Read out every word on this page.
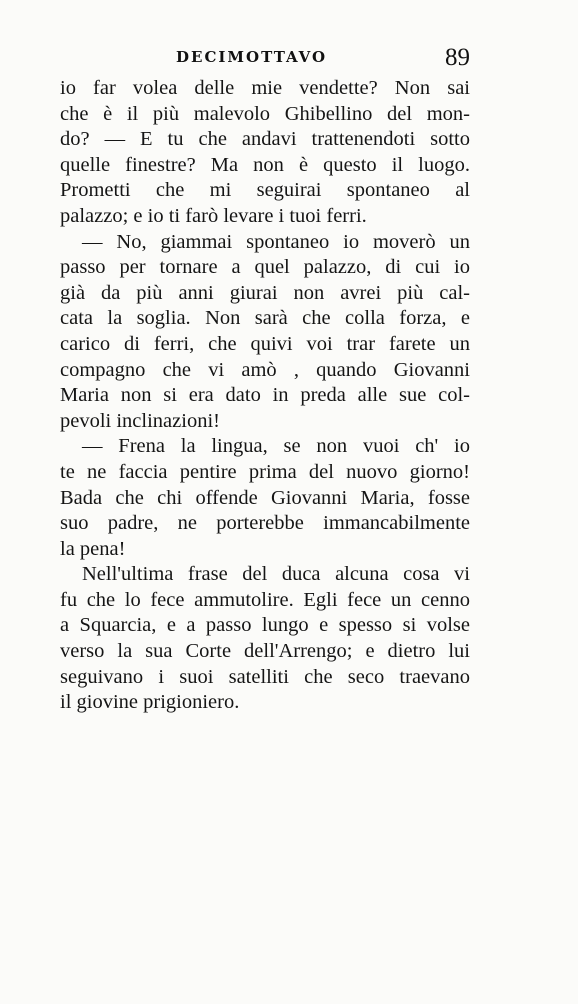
DECIMOTTAVO	89
io far volea delle mie vendette? Non sai
che è il più malevolo Ghibellino del mon-
do? — E tu che andavi trattenendoti sotto
quelle finestre? Ma non è questo il luogo.
Prometti che mi seguirai spontaneo al
palazzo; e io ti farò levare i tuoi ferri.
— No, giammai spontaneo io moverò un
passo per tornare a quel palazzo, di cui io
già da più anni giurai non avrei più cal-
cata la soglia. Non sarà che colla forza, e
carico di ferri, che quivi voi trar farete un
compagno che vi amò , quando Giovanni
Maria non si era dato in preda alle sue col-
pevoli inclinazioni!
— Frena la lingua, se non vuoi ch' io
te ne faccia pentire prima del nuovo giorno!
Bada che chi offende Giovanni Maria, fosse
suo padre, ne porterebbe immancabilmente
la pena!
Nell'ultima frase del duca alcuna cosa vi
fu che lo fece ammutolire. Egli fece un cenno
a Squarcia, e a passo lungo e spesso si volse
verso la sua Corte dell'Arrengo; e dietro lui
seguivano i suoi satelliti che seco traevano
il giovine prigioniero.
